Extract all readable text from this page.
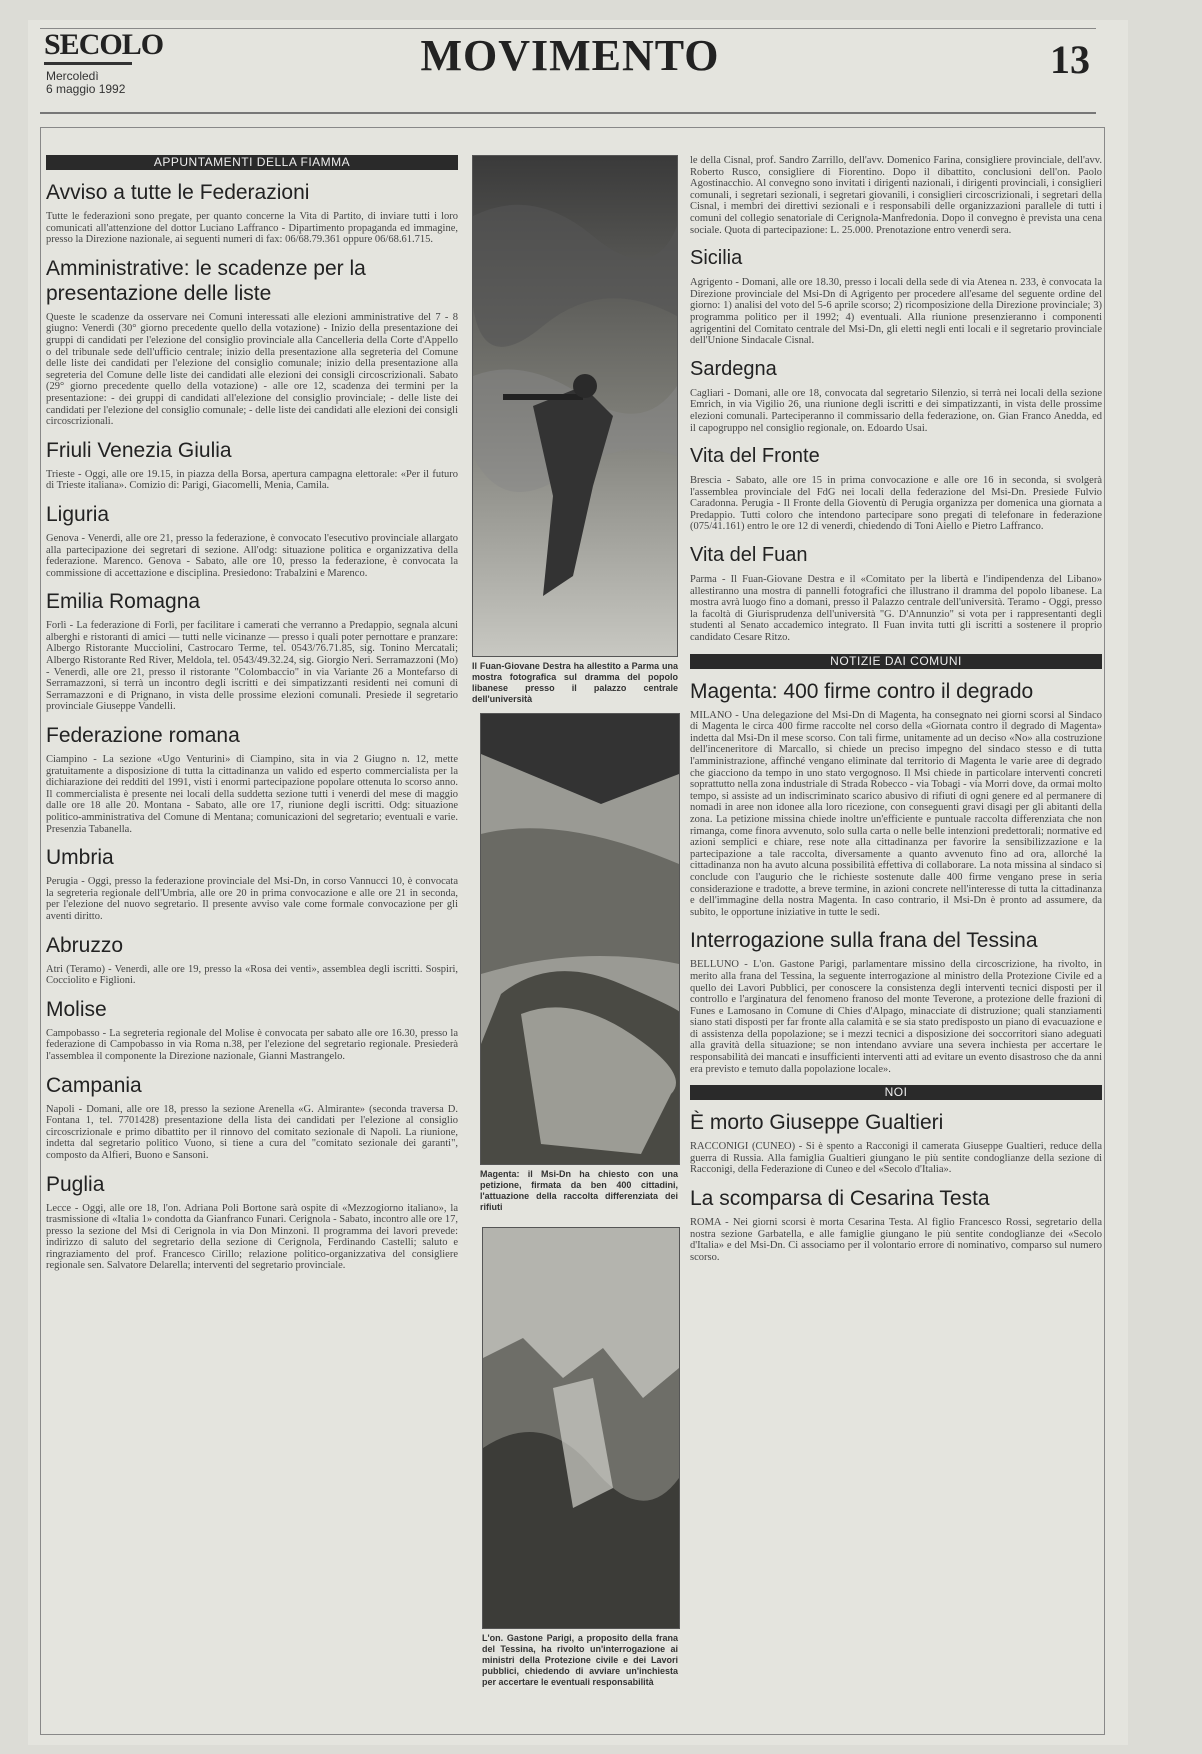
SECOLO
Mercoledì
6 maggio 1992
MOVIMENTO	13
APPUNTAMENTI DELLA FIAMMA
Avviso a tutte le Federazioni
Tutte le federazioni sono pregate, per quanto concerne la Vita di Partito, di inviare tutti i loro comunicati all'attenzione del dottor Luciano Laffranco - Dipartimento propaganda ed immagine, presso la Direzione nazionale, ai seguenti numeri di fax: 06/68.79.361 oppure 06/68.61.715.
Amministrative: le scadenze per la presentazione delle liste
Queste le scadenze da osservare nei Comuni interessati alle elezioni amministrative del 7 - 8 giugno: Venerdì (30° giorno precedente quello della votazione) - Inizio della presentazione dei gruppi di candidati per l'elezione del consiglio provinciale alla Cancelleria della Corte d'Appello o del tribunale sede dell'ufficio centrale; inizio della presentazione alla segreteria del Comune delle liste dei candidati per l'elezione del consiglio comunale; inizio della presentazione alla segreteria del Comune delle liste dei candidati alle elezioni dei consigli circoscrizionali. Sabato (29° giorno precedente quello della votazione) - alle ore 12, scadenza dei termini per la presentazione: - dei gruppi di candidati all'elezione del consiglio provinciale; - delle liste dei candidati per l'elezione del consiglio comunale; - delle liste dei candidati alle elezioni dei consigli circoscrizionali.
Friuli Venezia Giulia
Trieste - Oggi, alle ore 19.15, in piazza della Borsa, apertura campagna elettorale: «Per il futuro di Trieste italiana». Comizio di: Parigi, Giacomelli, Menia, Camila.
Liguria
Genova - Venerdì, alle ore 21, presso la federazione, è convocato l'esecutivo provinciale allargato alla partecipazione dei segretari di sezione. All'odg: situazione politica e organizzativa della federazione. Marenco. Genova - Sabato, alle ore 10, presso la federazione, è convocata la commissione di accettazione e disciplina. Presiedono: Trabalzini e Marenco.
Emilia Romagna
Forlì - La federazione di Forlì, per facilitare i camerati che verranno a Predappio, segnala alcuni alberghi e ristoranti di amici — tutti nelle vicinanze — presso i quali poter pernottare e pranzare: Albergo Ristorante Mucciolini, Castrocaro Terme, tel. 0543/76.71.85, sig. Tonino Mercatali; Albergo Ristorante Red River, Meldola, tel. 0543/49.32.24, sig. Giorgio Neri. Serramazzoni (Mo) - Venerdì, alle ore 21, presso il ristorante "Colombaccio" in via Variante 26 a Montefarso di Serramazzoni, si terrà un incontro degli iscritti e dei simpatizzanti residenti nei comuni di Serramazzoni e di Prignano, in vista delle prossime elezioni comunali. Presiede il segretario provinciale Giuseppe Vandelli.
Federazione romana
Ciampino - La sezione «Ugo Venturini» di Ciampino, sita in via 2 Giugno n. 12, mette gratuitamente a disposizione di tutta la cittadinanza un valido ed esperto commercialista per la dichiarazione dei redditi del 1991, visti i enormi partecipazione popolare ottenuta lo scorso anno. Il commercialista è presente nei locali della suddetta sezione tutti i venerdì del mese di maggio dalle ore 18 alle 20. Montana - Sabato, alle ore 17, riunione degli iscritti. Odg: situazione politico-amministrativa del Comune di Mentana; comunicazioni del segretario; eventuali e varie. Presenzia Tabanella.
Umbria
Perugia - Oggi, presso la federazione provinciale del Msi-Dn, in corso Vannucci 10, è convocata la segreteria regionale dell'Umbria, alle ore 20 in prima convocazione e alle ore 21 in seconda, per l'elezione del nuovo segretario. Il presente avviso vale come formale convocazione per gli aventi diritto.
Abruzzo
Atri (Teramo) - Venerdì, alle ore 19, presso la «Rosa dei venti», assemblea degli iscritti. Sospiri, Cocciolito e Figlioni.
Molise
Campobasso - La segreteria regionale del Molise è convocata per sabato alle ore 16.30, presso la federazione di Campobasso in via Roma n.38, per l'elezione del segretario regionale. Presiederà l'assemblea il componente la Direzione nazionale, Gianni Mastrangelo.
Campania
Napoli - Domani, alle ore 18, presso la sezione Arenella «G. Almirante» (seconda traversa D. Fontana 1, tel. 7701428) presentazione della lista dei candidati per l'elezione al consiglio circoscrizionale e primo dibattito per il rinnovo del comitato sezionale di Napoli. La riunione, indetta dal segretario politico Vuono, si tiene a cura del "comitato sezionale dei garanti", composto da Alfieri, Buono e Sansoni.
Puglia
Lecce - Oggi, alle ore 18, l'on. Adriana Poli Bortone sarà ospite di «Mezzogiorno italiano», la trasmissione di «Italia 1» condotta da Gianfranco Funari. Cerignola - Sabato, incontro alle ore 17, presso la sezione del Msi di Cerignola in via Don Minzoni. Il programma dei lavori prevede: indirizzo di saluto del segretario della sezione di Cerignola, Ferdinando Castelli; saluto e ringraziamento del prof. Francesco Cirillo; relazione politico-organizzativa del consigliere regionale sen. Salvatore Delarella; interventi del segretario provinciale.
Il Fuan-Giovane Destra ha allestito a Parma una mostra fotografica sul dramma del popolo libanese presso il palazzo centrale dell'università
Magenta: il Msi-Dn ha chiesto con una petizione, firmata da ben 400 cittadini, l'attuazione della raccolta differenziata dei rifiuti
L'on. Gastone Parigi, a proposito della frana del Tessina, ha rivolto un'interrogazione ai ministri della Protezione civile e dei Lavori pubblici, chiedendo di avviare un'inchiesta per accertare le eventuali responsabilità
le della Cisnal, prof. Sandro Zarrillo, dell'avv. Domenico Farina, consigliere provinciale, dell'avv. Roberto Rusco, consigliere di Fiorentino. Dopo il dibattito, conclusioni dell'on. Paolo Agostinacchio. Al convegno sono invitati i dirigenti nazionali, i dirigenti provinciali, i consiglieri comunali, i segretari sezionali, i segretari giovanili, i consiglieri circoscrizionali, i segretari della Cisnal, i membri dei direttivi sezionali e i responsabili delle organizzazioni parallele di tutti i comuni del collegio senatoriale di Cerignola-Manfredonia. Dopo il convegno è prevista una cena sociale. Quota di partecipazione: L. 25.000. Prenotazione entro venerdì sera.
Sicilia
Agrigento - Domani, alle ore 18.30, presso i locali della sede di via Atenea n. 233, è convocata la Direzione provinciale del Msi-Dn di Agrigento per procedere all'esame del seguente ordine del giorno: 1) analisi del voto del 5-6 aprile scorso; 2) ricomposizione della Direzione provinciale; 3) programma politico per il 1992; 4) eventuali. Alla riunione presenzieranno i componenti agrigentini del Comitato centrale del Msi-Dn, gli eletti negli enti locali e il segretario provinciale dell'Unione Sindacale Cisnal.
Sardegna
Cagliari - Domani, alle ore 18, convocata dal segretario Silenzio, si terrà nei locali della sezione Emrich, in via Vigilio 26, una riunione degli iscritti e dei simpatizzanti, in vista delle prossime elezioni comunali. Parteciperanno il commissario della federazione, on. Gian Franco Anedda, ed il capogruppo nel consiglio regionale, on. Edoardo Usai.
Vita del Fronte
Brescia - Sabato, alle ore 15 in prima convocazione e alle ore 16 in seconda, si svolgerà l'assemblea provinciale del FdG nei locali della federazione del Msi-Dn. Presiede Fulvio Caradonna. Perugia - Il Fronte della Gioventù di Perugia organizza per domenica una giornata a Predappio. Tutti coloro che intendono partecipare sono pregati di telefonare in federazione (075/41.161) entro le ore 12 di venerdì, chiedendo di Toni Aiello e Pietro Laffranco.
Vita del Fuan
Parma - Il Fuan-Giovane Destra e il «Comitato per la libertà e l'indipendenza del Libano» allestiranno una mostra di pannelli fotografici che illustrano il dramma del popolo libanese. La mostra avrà luogo fino a domani, presso il Palazzo centrale dell'università. Teramo - Oggi, presso la facoltà di Giurisprudenza dell'università "G. D'Annunzio" si vota per i rappresentanti degli studenti al Senato accademico integrato. Il Fuan invita tutti gli iscritti a sostenere il proprio candidato Cesare Ritzo.
NOTIZIE DAI COMUNI
Magenta: 400 firme contro il degrado
MILANO - Una delegazione del Msi-Dn di Magenta, ha consegnato nei giorni scorsi al Sindaco di Magenta le circa 400 firme raccolte nel corso della «Giornata contro il degrado di Magenta» indetta dal Msi-Dn il mese scorso. Con tali firme, unitamente ad un deciso «No» alla costruzione dell'inceneritore di Marcallo, si chiede un preciso impegno del sindaco stesso e di tutta l'amministrazione, affinché vengano eliminate dal territorio di Magenta le varie aree di degrado che giacciono da tempo in uno stato vergognoso. Il Msi chiede in particolare interventi concreti soprattutto nella zona industriale di Strada Robecco - via Tobagi - via Morri dove, da ormai molto tempo, si assiste ad un indiscriminato scarico abusivo di rifiuti di ogni genere ed al permanere di nomadi in aree non idonee alla loro ricezione, con conseguenti gravi disagi per gli abitanti della zona. La petizione missina chiede inoltre un'efficiente e puntuale raccolta differenziata che non rimanga, come finora avvenuto, solo sulla carta o nelle belle intenzioni predettorali; normative ed azioni semplici e chiare, rese note alla cittadinanza per favorire la sensibilizzazione e la partecipazione a tale raccolta, diversamente a quanto avvenuto fino ad ora, allorché la cittadinanza non ha avuto alcuna possibilità effettiva di collaborare. La nota missina al sindaco si conclude con l'augurio che le richieste sostenute dalle 400 firme vengano prese in seria considerazione e tradotte, a breve termine, in azioni concrete nell'interesse di tutta la cittadinanza e dell'immagine della nostra Magenta. In caso contrario, il Msi-Dn è pronto ad assumere, da subito, le opportune iniziative in tutte le sedi.
Interrogazione sulla frana del Tessina
BELLUNO - L'on. Gastone Parigi, parlamentare missino della circoscrizione, ha rivolto, in merito alla frana del Tessina, la seguente interrogazione al ministro della Protezione Civile ed a quello dei Lavori Pubblici, per conoscere la consistenza degli interventi tecnici disposti per il controllo e l'arginatura del fenomeno franoso del monte Teverone, a protezione delle frazioni di Funes e Lamosano in Comune di Chies d'Alpago, minacciate di distruzione; quali stanziamenti siano stati disposti per far fronte alla calamità e se sia stato predisposto un piano di evacuazione e di assistenza della popolazione; se i mezzi tecnici a disposizione dei soccorritori siano adeguati alla gravità della situazione; se non intendano avviare una severa inchiesta per accertare le responsabilità dei mancati e insufficienti interventi atti ad evitare un evento disastroso che da anni era previsto e temuto dalla popolazione locale».
NOI
È morto Giuseppe Gualtieri
RACCONIGI (CUNEO) - Si è spento a Racconigi il camerata Giuseppe Gualtieri, reduce della guerra di Russia. Alla famiglia Gualtieri giungano le più sentite condoglianze della sezione di Racconigi, della Federazione di Cuneo e del «Secolo d'Italia».
La scomparsa di Cesarina Testa
ROMA - Nei giorni scorsi è morta Cesarina Testa. Al figlio Francesco Rossi, segretario della nostra sezione Garbatella, e alle famiglie giungano le più sentite condoglianze dei «Secolo d'Italia» e del Msi-Dn. Ci associamo per il volontario errore di nominativo, comparso sul numero scorso.
